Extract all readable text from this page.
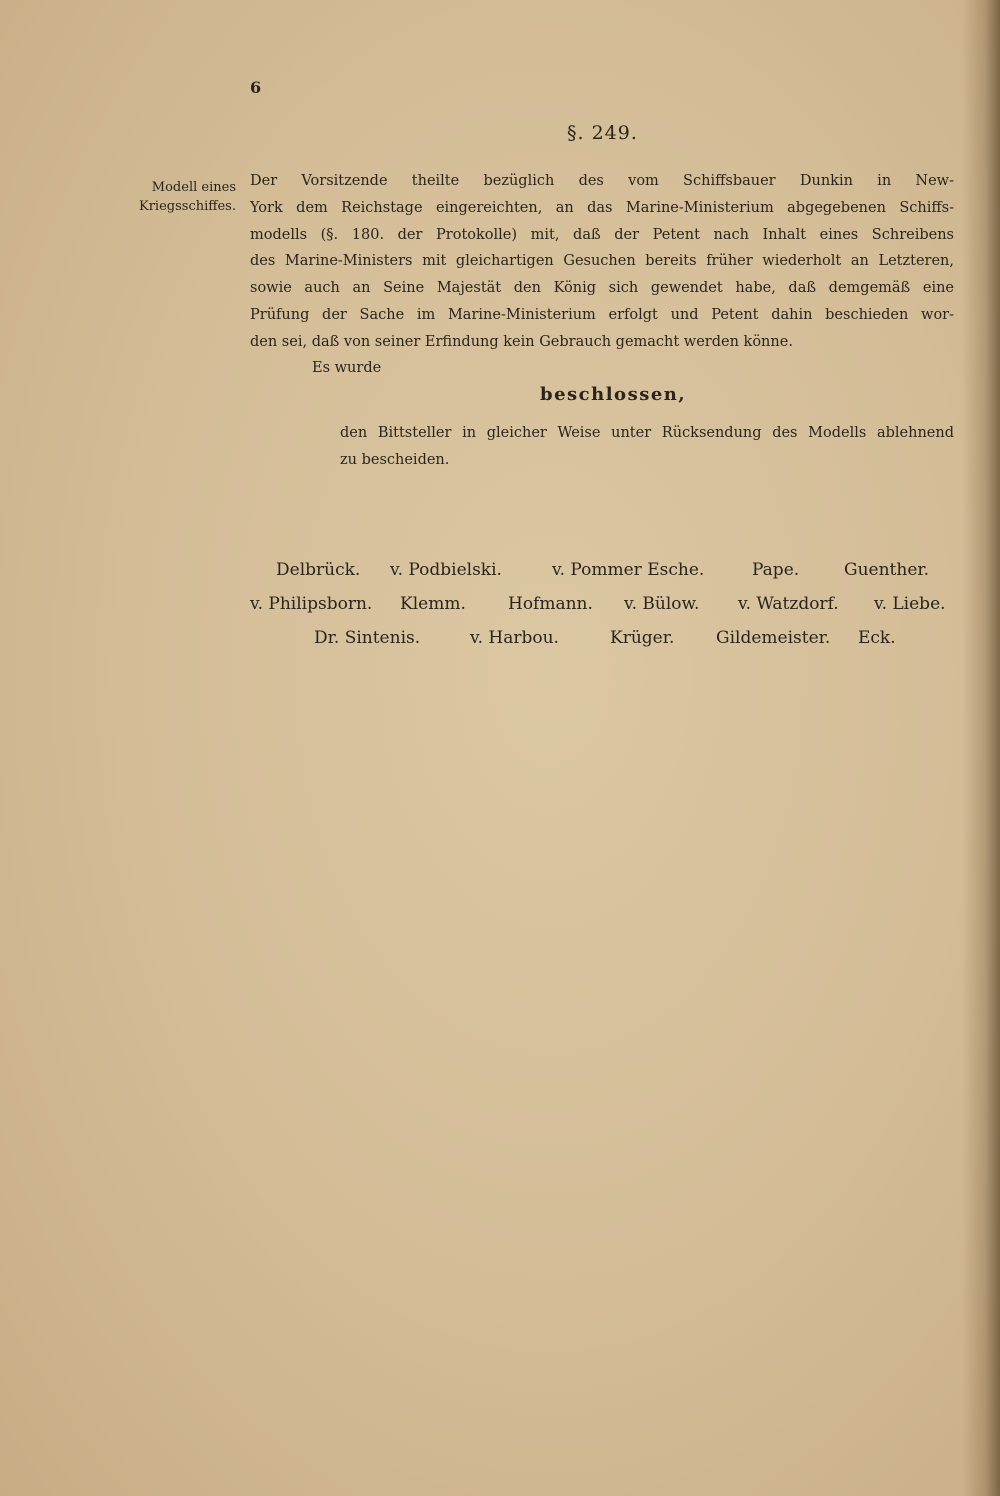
6
§. 249.
Modell eines
Kriegsschiffes.
Der Vorsitzende theilte bezüglich des vom Schiffsbauer Dunkin in New-
York dem Reichstage eingereichten, an das Marine-Ministerium abgegebenen Schiffs-
modells (§. 180. der Protokolle) mit, daß der Petent nach Inhalt eines Schreibens
des Marine-Ministers mit gleichartigen Gesuchen bereits früher wiederholt an Letzteren,
sowie auch an Seine Majestät den König sich gewendet habe, daß demgemäß eine
Prüfung der Sache im Marine-Ministerium erfolgt und Petent dahin beschieden wor-
den sei, daß von seiner Erfindung kein Gebrauch gemacht werden könne.
Es wurde
beschlossen,
den Bittsteller in gleicher Weise unter Rücksendung des Modells ablehnend
zu bescheiden.
Delbrück. v. Podbielski.	v. Pommer Esche.	Pape.	Guenther.
v. Philipsborn. Klemm. Hofmann. v. Bülow. v. Watzdorf. v. Liebe.
Dr. Sintenis.	v. Harbou.	Krüger. Gildemeister. Eck.
